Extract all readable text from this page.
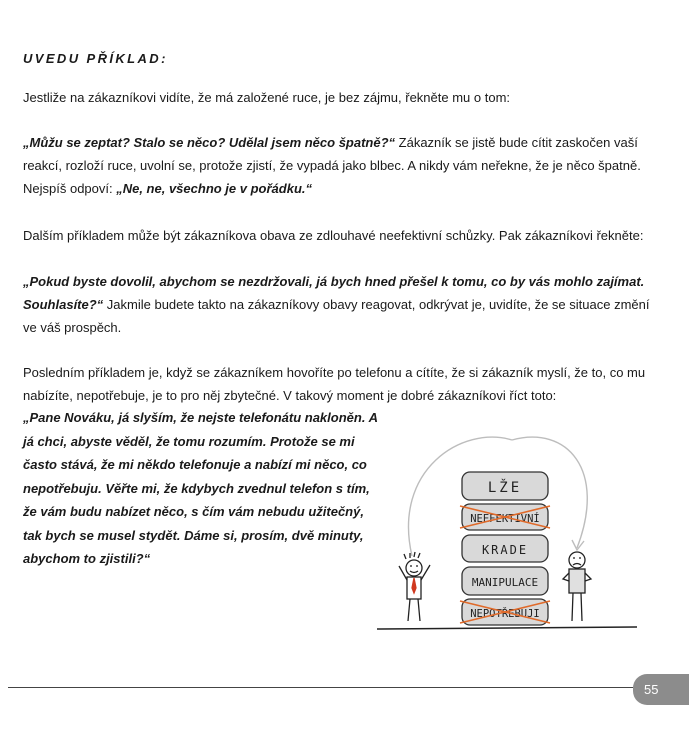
UVEDU PŘÍKLAD:

Jestliže na zákazníkovi vidíte, že má založené ruce, je bez zájmu, řekněte mu o tom:

„Můžu se zeptat? Stalo se něco? Udělal jsem něco špatně?“ Zákazník se jistě bude cítit zaskočen vaší reakcí, rozloží ruce, uvolní se, protože zjistí, že vypadá jako blbec. A nikdy vám neřekne, že je něco špatně. Nejspíš odpoví: „Ne, ne, všechno je v pořádku.“

Dalším příkladem může být zákazníkova obava ze zdlouhavé neefektivní schůzky. Pak zákazníkovi řekněte:

„Pokud byste dovolil, abychom se nezdržovali, já bych hned přešel k tomu, co by vás mohlo zajímat. Souhlasíte?“ Jakmile budete takto na zákazníkovy obavy reagovat, odkrývat je, uvidíte, že se situace změní ve váš prospěch.

Posledním příkladem je, když se zákazníkem hovoříte po telefonu a cítíte, že si zákazník myslí, že to, co mu nabízíte, nepotřebuje, je to pro něj zbytečné. V takový moment je dobré zákazníkovi říct toto:

„Pane Nováku, já slyším, že nejste telefonátu nakloněn. A já chci, abyste věděl, že tomu rozumím. Protože se mi často stává, že mi někdo telefonuje a nabízí mi něco, co nepotřebuju. Věřte mi, že kdybych zvednul telefon s tím, že vám budu nabízet něco, s čím vám nebudu užitečný, tak bych se musel stydět. Dáme si, prosím, dvě minuty, abychom to zjistili?“

LŽE
NEEFEKTIVNÍ
KRADE
MANIPULACE
NEPOTŘEBUJI
55
